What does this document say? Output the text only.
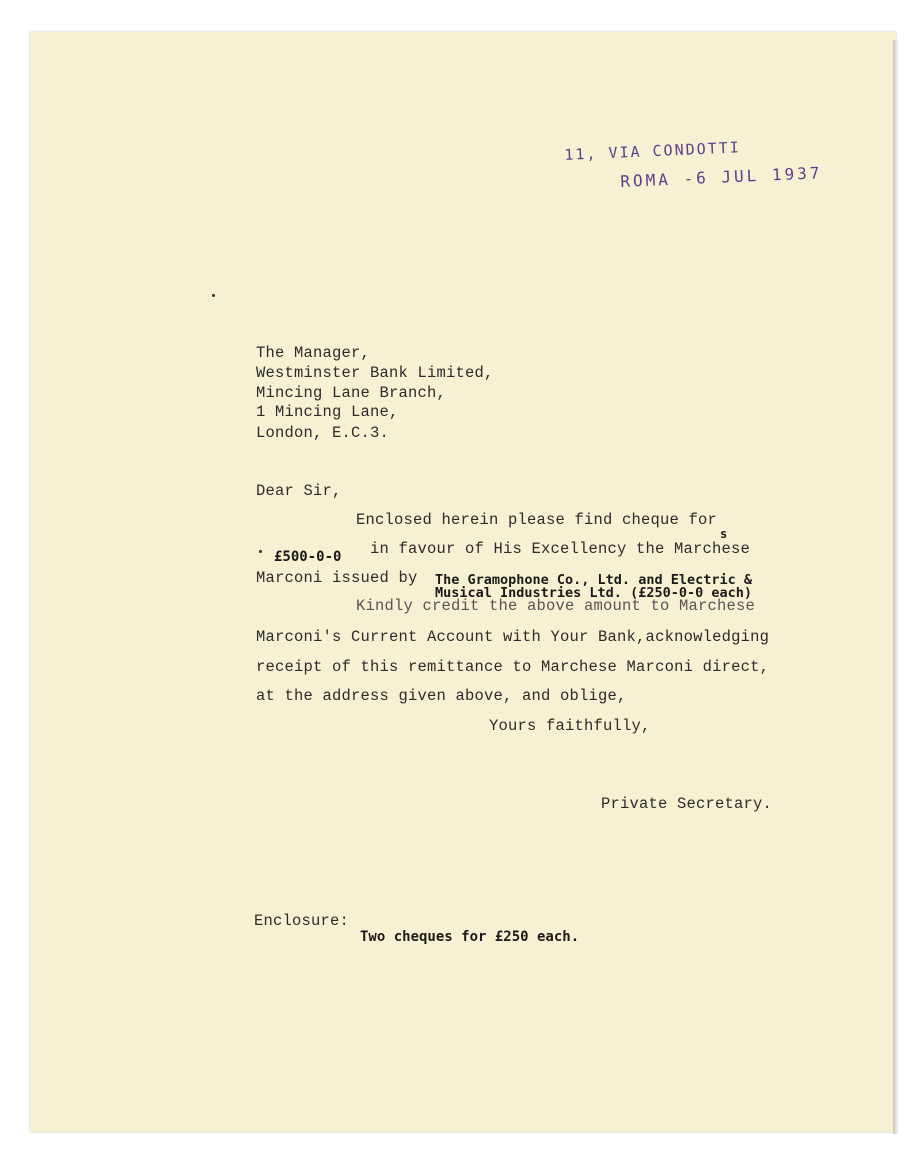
11, VIA CONDOTTI
ROMA -6 JUL 1937
The Manager,
Westminster Bank Limited,
Mincing Lane Branch,
1 Mincing Lane,
London, E.C.3.
Dear Sir,
Enclosed herein please find cheque for
s
£500-0-0 in favour of His Excellency the Marchese
Marconi issued by The Gramophone Co., Ltd. and Electric &
Kindly credit the above amount to Marchese
Musical Industries Ltd. (£250-0-0 each)
Marconi's Current Account with Your Bank,acknowledging
receipt of this remittance to Marchese Marconi direct,
at the address given above, and oblige,
Yours faithfully,
Private Secretary.
Enclosure:
Two cheques for £250 each.
